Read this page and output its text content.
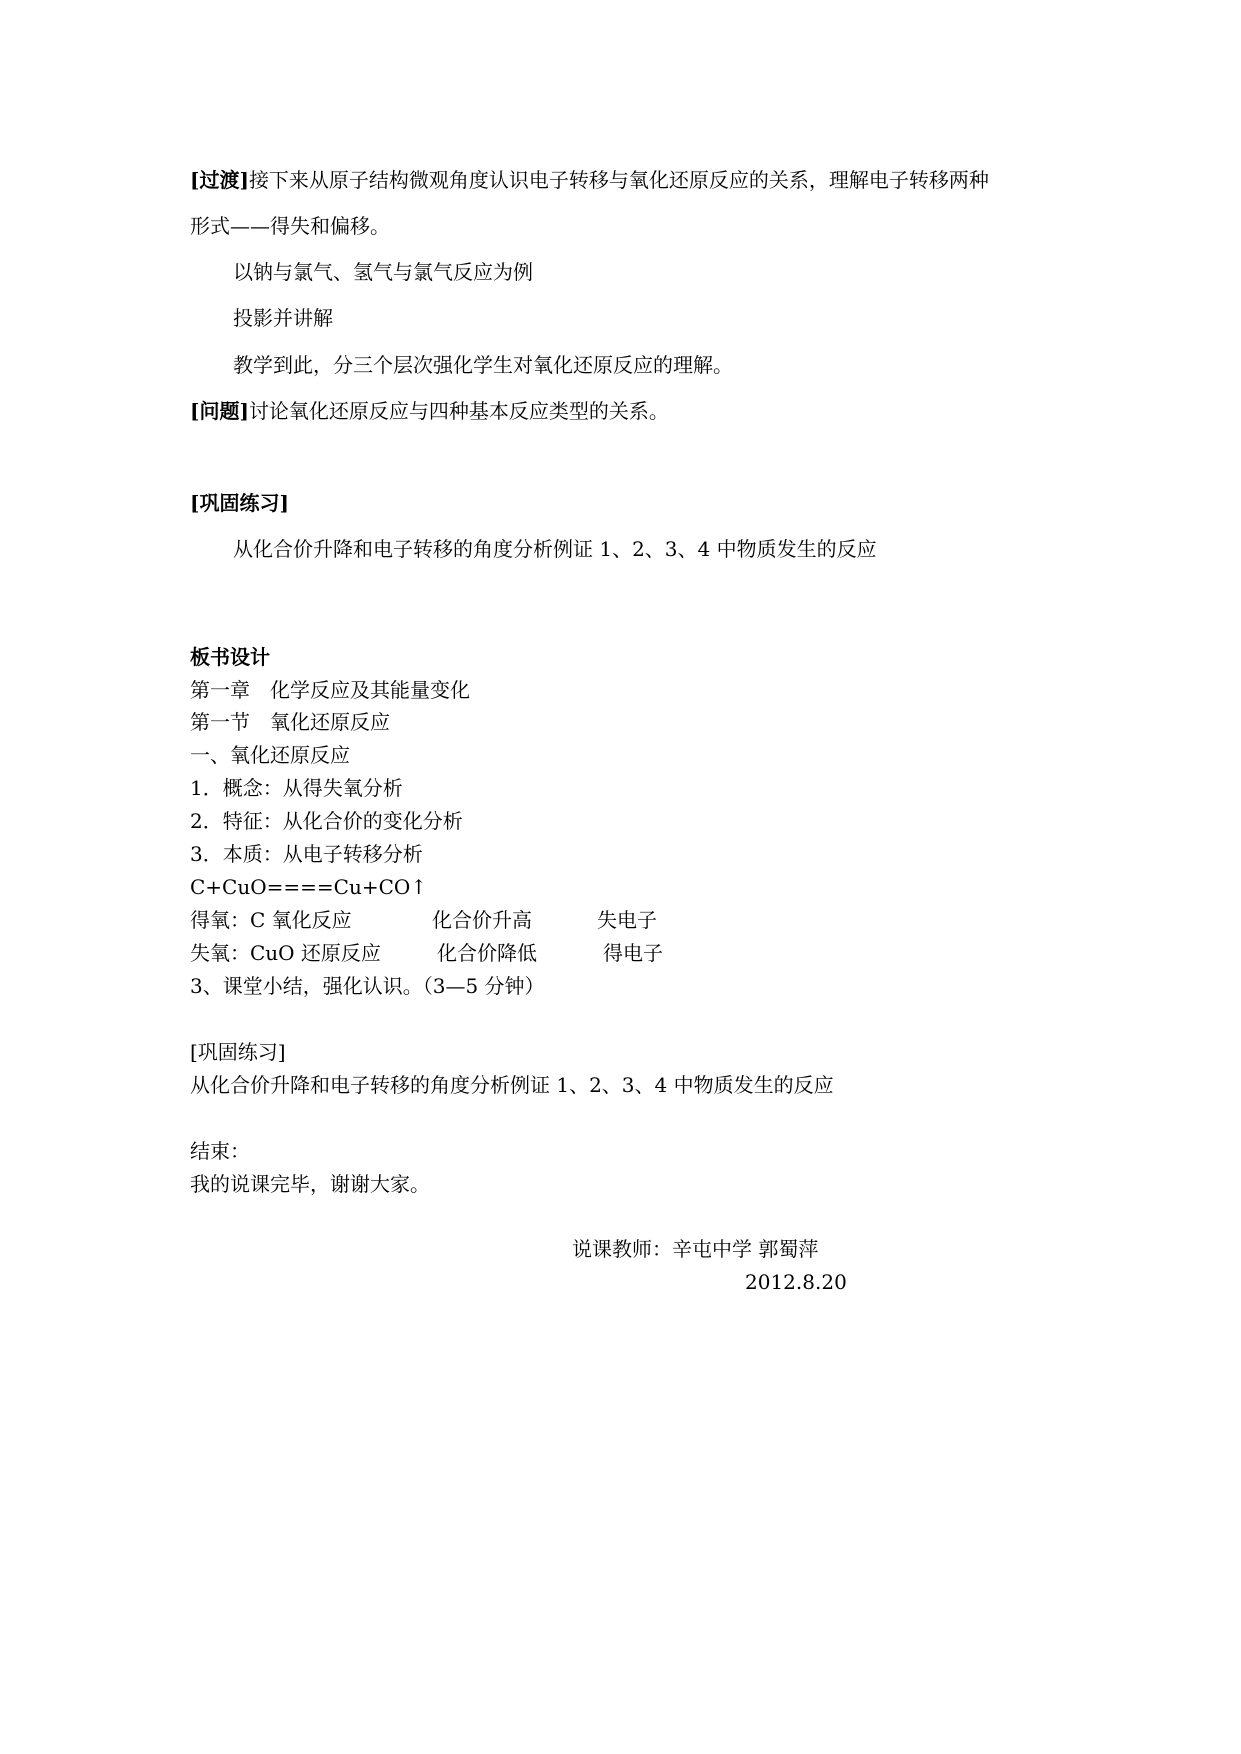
[过渡]接下来从原子结构微观角度认识电子转移与氧化还原反应的关系，理解电子转移两种
形式——得失和偏移。
以钠与氯气、氢气与氯气反应为例
投影并讲解
教学到此，分三个层次强化学生对氧化还原反应的理解。
[问题]讨论氧化还原反应与四种基本反应类型的关系。
[巩固练习]
从化合价升降和电子转移的角度分析例证 1、2、3、4 中物质发生的反应
板书设计
第一章　化学反应及其能量变化
第一节　氧化还原反应
一、氧化还原反应
1．概念：从得失氧分析
2．特征：从化合价的变化分析
3．本质：从电子转移分析
C+CuO====Cu+CO↑
得氧：C 氧化反应	化合价升高	失电子
失氧：CuO 还原反应	化合价降低	得电子
3、课堂小结，强化认识。（3—5 分钟）
[巩固练习]
从化合价升降和电子转移的角度分析例证 1、2、3、4 中物质发生的反应
结束：
我的说课完毕，谢谢大家。
说课教师：辛屯中学 郭蜀萍
2012.8.20
